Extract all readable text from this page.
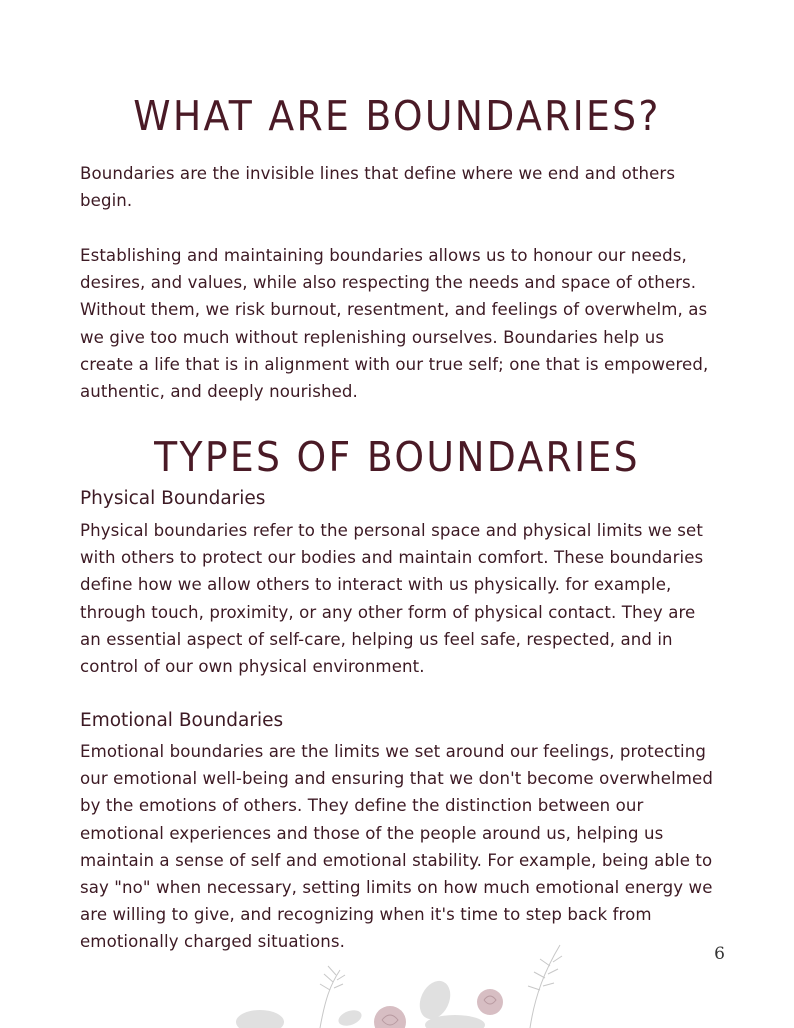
WHAT ARE BOUNDARIES?

Boundaries are the invisible lines that define where we end and others begin.

Establishing and maintaining boundaries allows us to honour our needs, desires, and values, while also respecting the needs and space of others. Without them, we risk burnout, resentment, and feelings of overwhelm, as we give too much without replenishing ourselves. Boundaries help us create a life that is in alignment with our true self; one that is empowered, authentic, and deeply nourished.

TYPES OF BOUNDARIES
Physical Boundaries

Physical boundaries refer to the personal space and physical limits we set with others to protect our bodies and maintain comfort. These boundaries define how we allow others to interact with us physically. for example, through touch, proximity, or any other form of physical contact. They are an essential aspect of self-care, helping us feel safe, respected, and in control of our own physical environment.

Emotional Boundaries

Emotional boundaries are the limits we set around our feelings, protecting our emotional well-being and ensuring that we don't become overwhelmed by the emotions of others. They define the distinction between our emotional experiences and those of the people around us, helping us maintain a sense of self and emotional stability. For example, being able to say "no" when necessary, setting limits on how much emotional energy we are willing to give, and recognizing when it's time to step back from emotionally charged situations.

6
